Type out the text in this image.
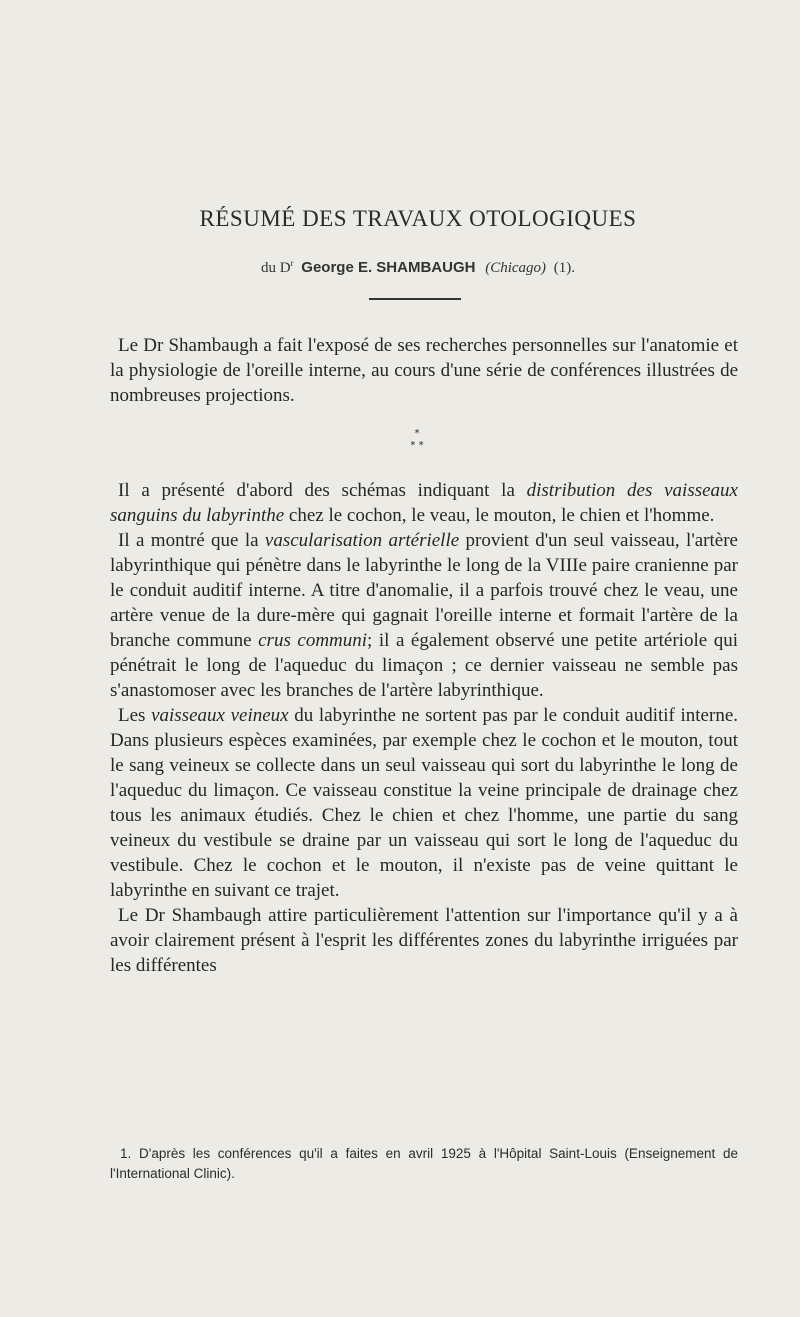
RÉSUMÉ DES TRAVAUX OTOLOGIQUES
du $D^r$ George E. SHAMBAUGH (Chicago) (1).

Le Dr Shambaugh a fait l'exposé de ses recherches personnelles sur l'anatomie et la physiologie de l'oreille interne, au cours d'une série de conférences illustrées de nombreuses projections.

*
* *

Il a présenté d'abord des schémas indiquant la distribution des vaisseaux sanguins du labyrinthe chez le cochon, le veau, le mouton, le chien et l'homme.

Il a montré que la vascularisation artérielle provient d'un seul vaisseau, l'artère labyrinthique qui pénètre dans le labyrinthe le long de la VIIIe paire cranienne par le conduit auditif interne. A titre d'anomalie, il a parfois trouvé chez le veau, une artère venue de la dure-mère qui gagnait l'oreille interne et formait l'artère de la branche commune crus communi; il a également observé une petite artériole qui pénétrait le long de l'aqueduc du limaçon ; ce dernier vaisseau ne semble pas s'anastomoser avec les branches de l'artère labyrinthique.

Les vaisseaux veineux du labyrinthe ne sortent pas par le conduit auditif interne. Dans plusieurs espèces examinées, par exemple chez le cochon et le mouton, tout le sang veineux se collecte dans un seul vaisseau qui sort du labyrinthe le long de l'aqueduc du limaçon. Ce vaisseau constitue la veine principale de drainage chez tous les animaux étudiés. Chez le chien et chez l'homme, une partie du sang veineux du vestibule se draine par un vaisseau qui sort le long de l'aqueduc du vestibule. Chez le cochon et le mouton, il n'existe pas de veine quittant le labyrinthe en suivant ce trajet.

Le Dr Shambaugh attire particulièrement l'attention sur l'importance qu'il y a à avoir clairement présent à l'esprit les différentes zones du labyrinthe irriguées par les différentes

1. D'après les conférences qu'il a faites en avril 1925 à l'Hôpital Saint-Louis (Enseignement de l'International Clinic).
